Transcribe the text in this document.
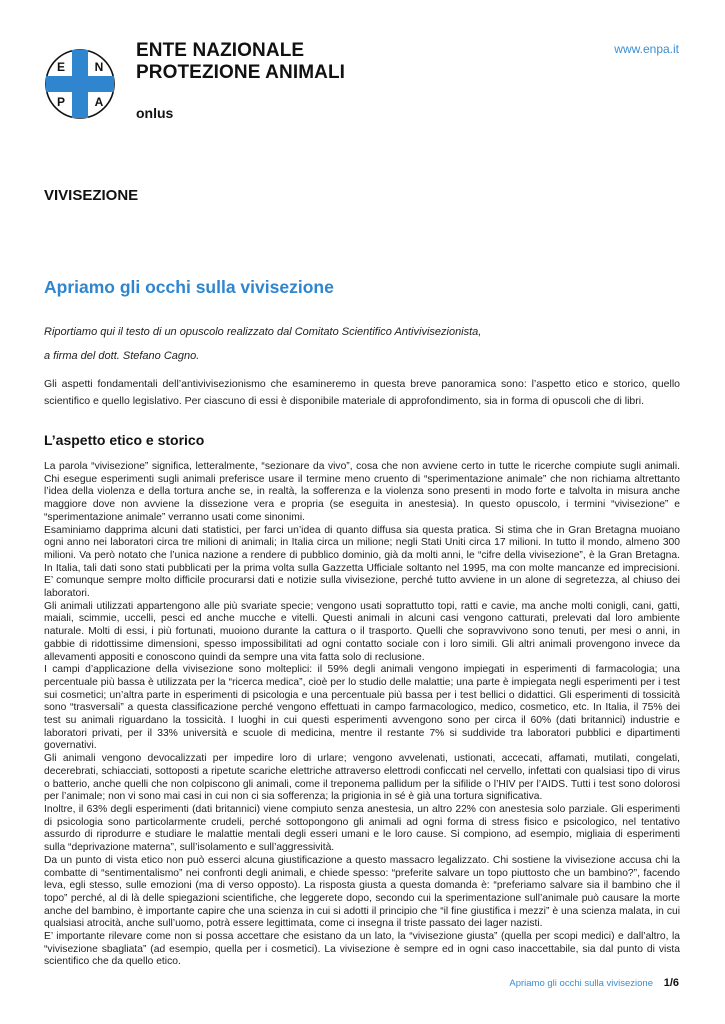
E N
P A
ENTE NAZIONALE
PROTEZIONE ANIMALI
onlus
www.enpa.it
VIVISEZIONE
Apriamo gli occhi sulla vivisezione
Riportiamo qui il testo di un opuscolo realizzato dal Comitato Scientifico Antivivisezionista,
a firma del dott. Stefano Cagno.
Gli aspetti fondamentali dell’antivivisezionismo che esamineremo in questa breve panoramica sono: l’aspetto etico e storico, quello scientifico e quello legislativo. Per ciascuno di essi è disponibile materiale di approfondimento, sia in forma di opuscoli che di libri.
L’aspetto etico e storico

La parola “vivisezione” significa, letteralmente, “sezionare da vivo”, cosa che non avviene certo in tutte le ricerche compiute sugli animali. Chi esegue esperimenti sugli animali preferisce usare il termine meno cruento di “sperimentazione animale” che non richiama altrettanto l’idea della violenza e della tortura anche se, in realtà, la sofferenza e la violenza sono presenti in modo forte e talvolta in misura anche maggiore dove non avviene la dissezione vera e propria (se eseguita in anestesia). In questo opuscolo, i termini “vivisezione” e “sperimentazione animale” verranno usati come sinonimi.

Esaminiamo dapprima alcuni dati statistici, per farci un’idea di quanto diffusa sia questa pratica. Si stima che in Gran Bretagna muoiano ogni anno nei laboratori circa tre milioni di animali; in Italia circa un milione; negli Stati Uniti circa 17 milioni. In tutto il mondo, almeno 300 milioni. Va però notato che l’unica nazione a rendere di pubblico dominio, già da molti anni, le “cifre della vivisezione”, è la Gran Bretagna. In Italia, tali dati sono stati pubblicati per la prima volta sulla Gazzetta Ufficiale soltanto nel 1995, ma con molte mancanze ed imprecisioni. E’ comunque sempre molto difficile procurarsi dati e notizie sulla vivisezione, perché tutto avviene in un alone di segretezza, al chiuso dei laboratori.

Gli animali utilizzati appartengono alle più svariate specie; vengono usati soprattutto topi, ratti e cavie, ma anche molti conigli, cani, gatti, maiali, scimmie, uccelli, pesci ed anche mucche e vitelli. Questi animali in alcuni casi vengono catturati, prelevati dal loro ambiente naturale. Molti di essi, i più fortunati, muoiono durante la cattura o il trasporto. Quelli che sopravvivono sono tenuti, per mesi o anni, in gabbie di ridottissime dimensioni, spesso impossibilitati ad ogni contatto sociale con i loro simili. Gli altri animali provengono invece da allevamenti appositi e conoscono quindi da sempre una vita fatta solo di reclusione.

I campi d’applicazione della vivisezione sono molteplici: il 59% degli animali vengono impiegati in esperimenti di farmacologia; una percentuale più bassa è utilizzata per la “ricerca medica”, cioè per lo studio delle malattie; una parte è impiegata negli esperimenti per i test sui cosmetici; un’altra parte in esperimenti di psicologia e una percentuale più bassa per i test bellici o didattici. Gli esperimenti di tossicità sono “trasversali” a questa classificazione perché vengono effettuati in campo farmacologico, medico, cosmetico, etc. In Italia, il 75% dei test su animali riguardano la tossicità. I luoghi in cui questi esperimenti avvengono sono per circa il 60% (dati britannici) industrie e laboratori privati, per il 33% università e scuole di medicina, mentre il restante 7% si suddivide tra laboratori pubblici e dipartimenti governativi.

Gli animali vengono devocalizzati per impedire loro di urlare; vengono avvelenati, ustionati, accecati, affamati, mutilati, congelati, decerebrati, schiacciati, sottoposti a ripetute scariche elettriche attraverso elettrodi conficcati nel cervello, infettati con qualsiasi tipo di virus o batterio, anche quelli che non colpiscono gli animali, come il treponema pallidum per la sifilide o l’HIV per l’AIDS. Tutti i test sono dolorosi per l’animale; non vi sono mai casi in cui non ci sia sofferenza; la prigionia in sé è già una tortura significativa.

Inoltre, il 63% degli esperimenti (dati britannici) viene compiuto senza anestesia, un altro 22% con anestesia solo parziale. Gli esperimenti di psicologia sono particolarmente crudeli, perché sottopongono gli animali ad ogni forma di stress fisico e psicologico, nel tentativo assurdo di riprodurre e studiare le malattie mentali degli esseri umani e le loro cause. Si compiono, ad esempio, migliaia di esperimenti sulla “deprivazione materna”, sull’isolamento e sull’aggressività.

Da un punto di vista etico non può esserci alcuna giustificazione a questo massacro legalizzato. Chi sostiene la vivisezione accusa chi la combatte di “sentimentalismo” nei confronti degli animali, e chiede spesso: “preferite salvare un topo piuttosto che un bambino?”, facendo leva, egli stesso, sulle emozioni (ma di verso opposto). La risposta giusta a questa domanda è: “preferiamo salvare sia il bambino che il topo” perché, al di là delle spiegazioni scientifiche, che leggerete dopo, secondo cui la sperimentazione sull’animale può causare la morte anche del bambino, è importante capire che una scienza in cui si adotti il principio che “il fine giustifica i mezzi” è una scienza malata, in cui qualsiasi atrocità, anche sull’uomo, potrà essere legittimata, come ci insegna il triste passato dei lager nazisti.

E’ importante rilevare come non si possa accettare che esistano da un lato, la “vivisezione giusta” (quella per scopi medici) e dall’altro, la “vivisezione sbagliata” (ad esempio, quella per i cosmetici). La vivisezione è sempre ed in ogni caso inaccettabile, sia dal punto di vista scientifico che da quello etico.

Apriamo gli occhi sulla vivisezione 1/6
